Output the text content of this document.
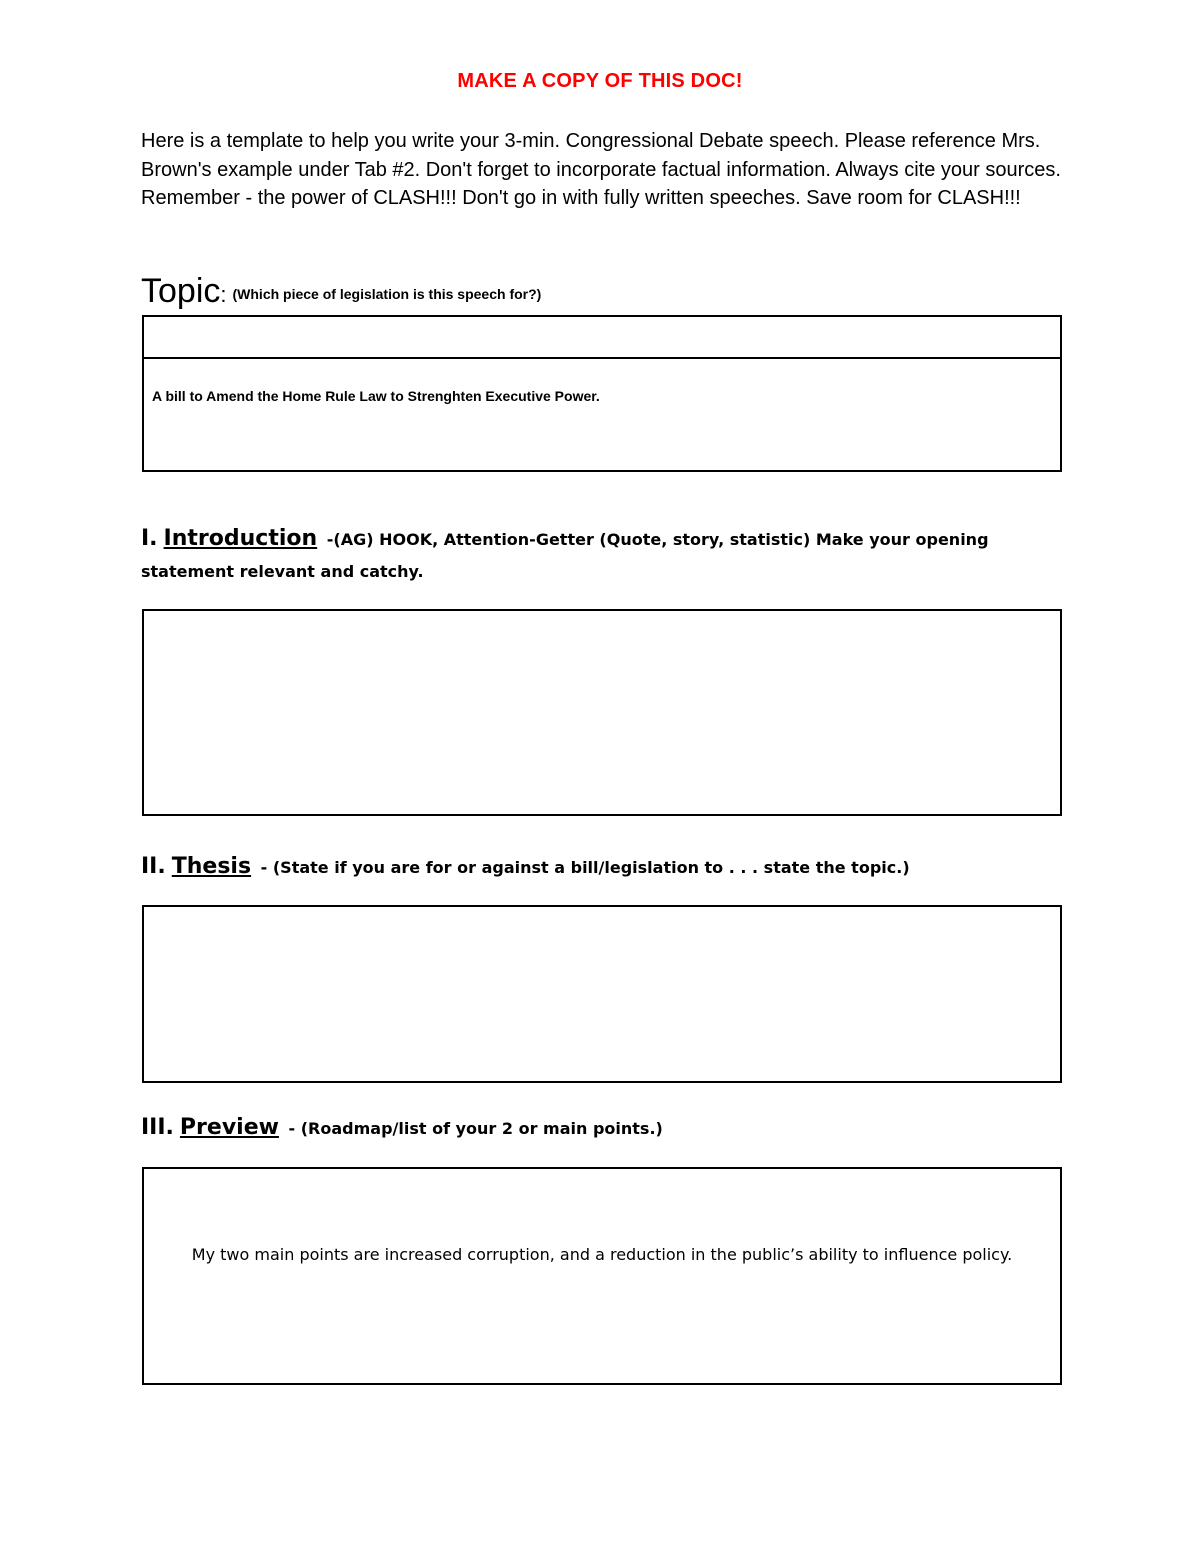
MAKE A COPY OF THIS DOC!
Here is a template to help you write your 3-min. Congressional Debate speech. Please reference Mrs. Brown's example under Tab #2. Don't forget to incorporate factual information. Always cite your sources. Remember - the power of CLASH!!! Don't go in with fully written speeches. Save room for CLASH!!!
Topic: (Which piece of legislation is this speech for?)
A bill to Amend the Home Rule Law to Strenghten Executive Power.
I. Introduction -(AG) HOOK, Attention-Getter (Quote, story, statistic) Make your opening statement relevant and catchy.
II. Thesis - (State if you are for or against a bill/legislation to . . . state the topic.)
III. Preview - (Roadmap/list of your 2 or main points.)
My two main points are increased corruption, and a reduction in the public’s ability to influence policy.
